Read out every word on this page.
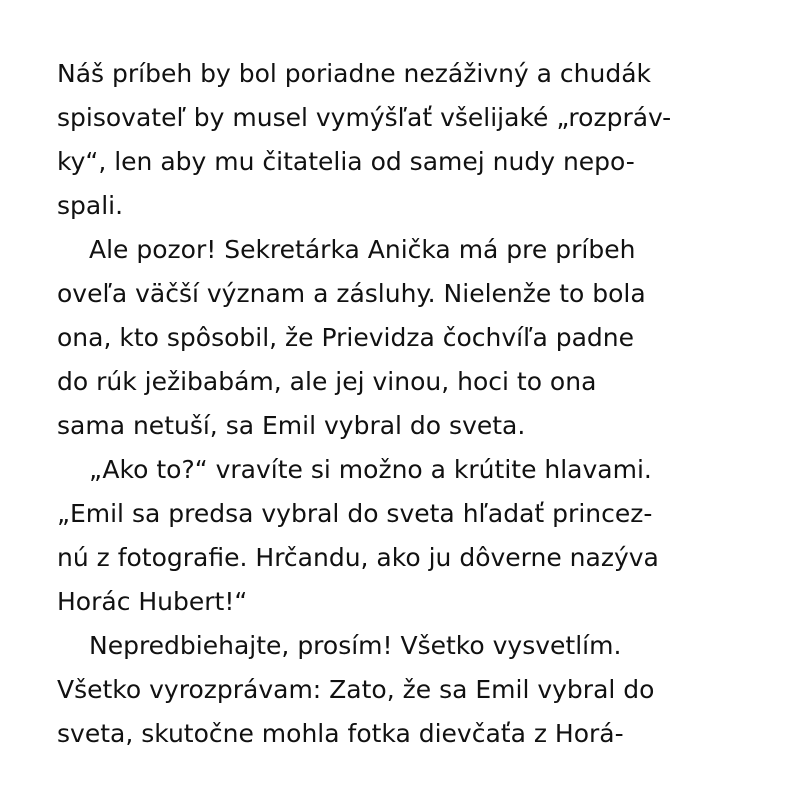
Náš príbeh by bol poriadne nezáživný a chudák
spisovateľ by musel vymýšľať všelijaké „rozpráv-
ky“, len aby mu čitatelia od samej nudy nepo-
spali.
Ale pozor! Sekretárka Anička má pre príbeh
oveľa väčší význam a zásluhy. Nielenže to bola
ona, kto spôsobil, že Prievidza čochvíľa padne
do rúk ježibabám, ale jej vinou, hoci to ona
sama netuší, sa Emil vybral do sveta.
„Ako to?“ vravíte si možno a krútite hlavami.
„Emil sa predsa vybral do sveta hľadať princez-
nú z fotografie. Hrčandu, ako ju dôverne nazýva
Horác Hubert!“
Nepredbiehajte, prosím! Všetko vysvetlím.
Všetko vyrozprávam: Zato, že sa Emil vybral do
sveta, skutočne mohla fotka dievčaťa z Horá-
